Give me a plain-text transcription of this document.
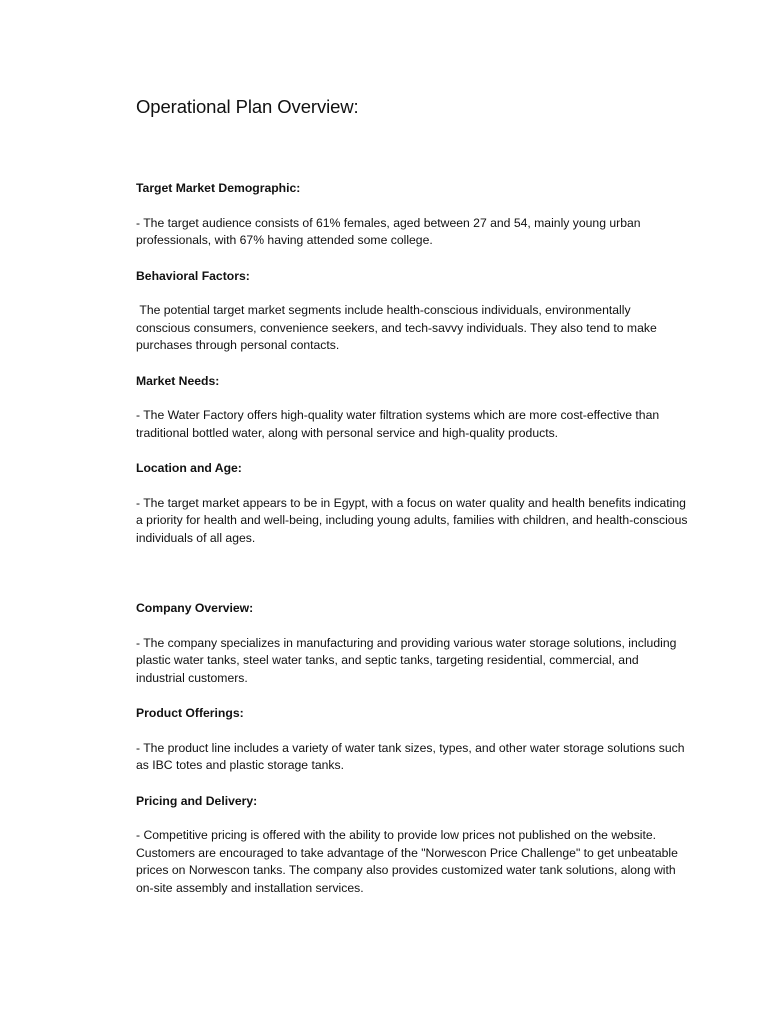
Operational Plan Overview:

Target Market Demographic:

- The target audience consists of 61% females, aged between 27 and 54, mainly young urban professionals, with 67% having attended some college.

Behavioral Factors:

The potential target market segments include health-conscious individuals, environmentally conscious consumers, convenience seekers, and tech-savvy individuals. They also tend to make purchases through personal contacts.

Market Needs:

- The Water Factory offers high-quality water filtration systems which are more cost-effective than traditional bottled water, along with personal service and high-quality products.

Location and Age:

- The target market appears to be in Egypt, with a focus on water quality and health benefits indicating a priority for health and well-being, including young adults, families with children, and health-conscious individuals of all ages.

Company Overview:

- The company specializes in manufacturing and providing various water storage solutions, including plastic water tanks, steel water tanks, and septic tanks, targeting residential, commercial, and industrial customers.

Product Offerings:

- The product line includes a variety of water tank sizes, types, and other water storage solutions such as IBC totes and plastic storage tanks.

Pricing and Delivery:

- Competitive pricing is offered with the ability to provide low prices not published on the website. Customers are encouraged to take advantage of the "Norwescon Price Challenge" to get unbeatable prices on Norwescon tanks. The company also provides customized water tank solutions, along with on-site assembly and installation services.
